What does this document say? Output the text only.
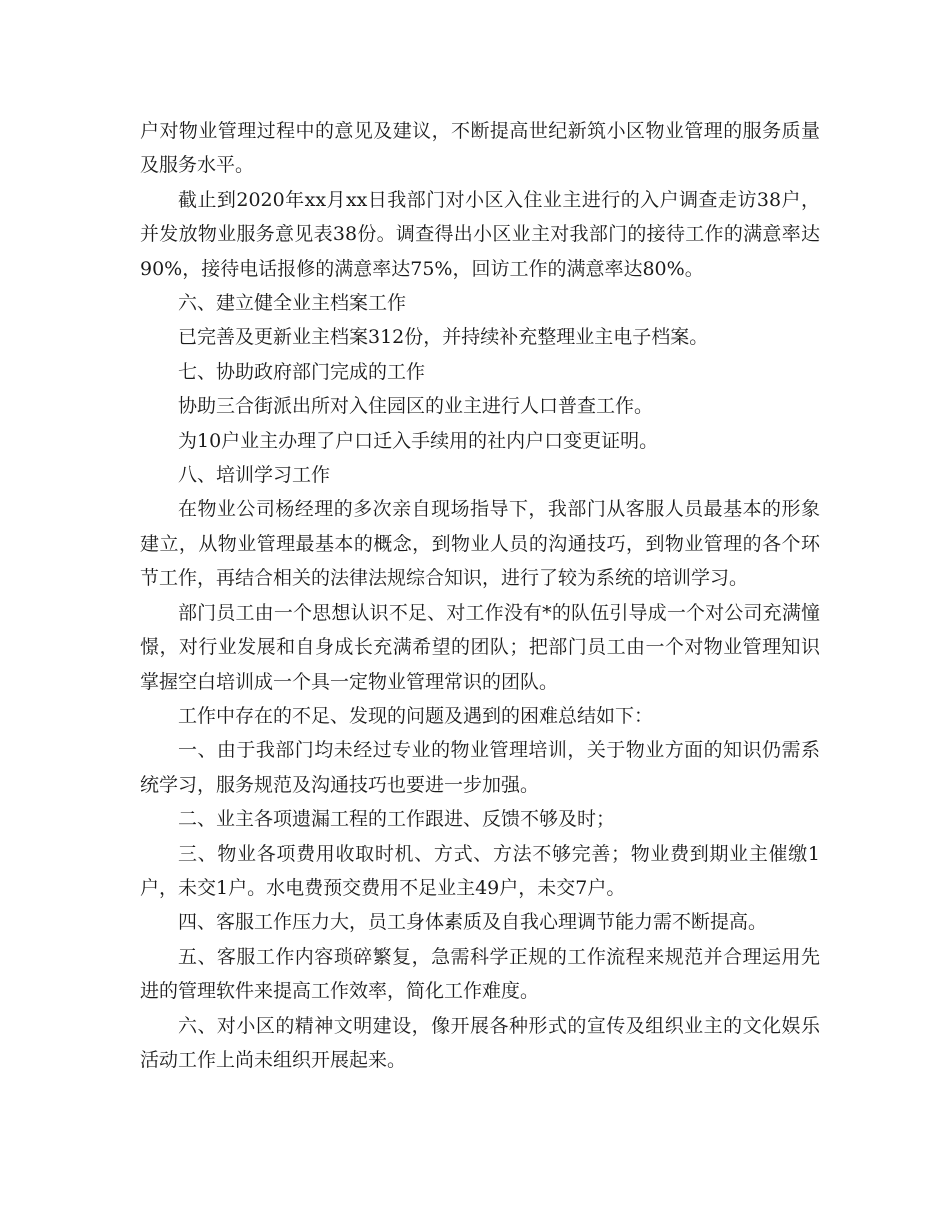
户对物业管理过程中的意见及建议，不断提高世纪新筑小区物业管理的服务质量及服务水平。

截止到2020年xx月xx日我部门对小区入住业主进行的入户调查走访38户，并发放物业服务意见表38份。调查得出小区业主对我部门的接待工作的满意率达90%，接待电话报修的满意率达75%，回访工作的满意率达80%。

六、建立健全业主档案工作

已完善及更新业主档案312份，并持续补充整理业主电子档案。

七、协助政府部门完成的工作

协助三合街派出所对入住园区的业主进行人口普查工作。

为10户业主办理了户口迁入手续用的社内户口变更证明。

八、培训学习工作

在物业公司杨经理的多次亲自现场指导下，我部门从客服人员最基本的形象建立，从物业管理最基本的概念，到物业人员的沟通技巧，到物业管理的各个环节工作，再结合相关的法律法规综合知识，进行了较为系统的培训学习。

部门员工由一个思想认识不足、对工作没有*的队伍引导成一个对公司充满憧憬，对行业发展和自身成长充满希望的团队；把部门员工由一个对物业管理知识掌握空白培训成一个具一定物业管理常识的团队。

工作中存在的不足、发现的问题及遇到的困难总结如下：

一、由于我部门均未经过专业的物业管理培训，关于物业方面的知识仍需系统学习，服务规范及沟通技巧也要进一步加强。

二、业主各项遗漏工程的工作跟进、反馈不够及时；

三、物业各项费用收取时机、方式、方法不够完善；物业费到期业主催缴1户，未交1户。水电费预交费用不足业主49户，未交7户。

四、客服工作压力大，员工身体素质及自我心理调节能力需不断提高。

五、客服工作内容琐碎繁复，急需科学正规的工作流程来规范并合理运用先进的管理软件来提高工作效率，简化工作难度。

六、对小区的精神文明建设，像开展各种形式的宣传及组织业主的文化娱乐活动工作上尚未组织开展起来。
